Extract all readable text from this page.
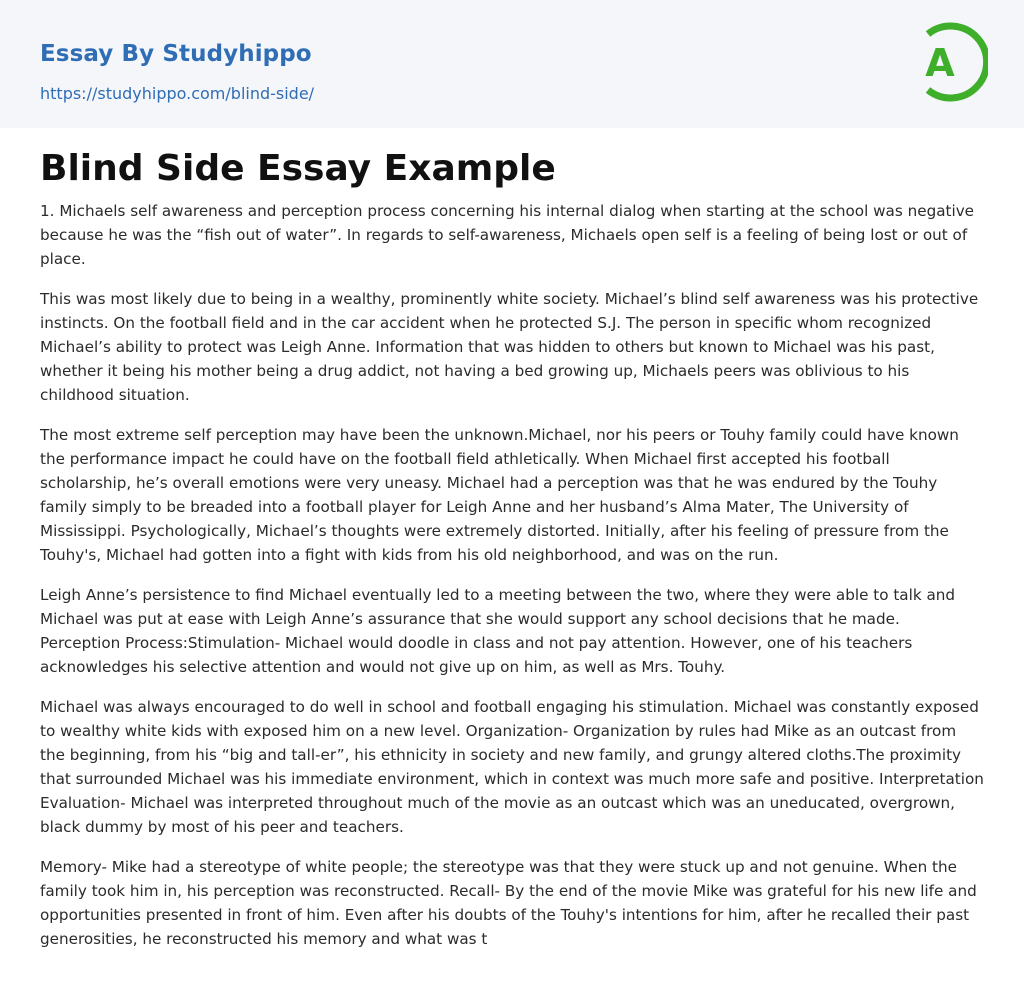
Essay By Studyhippo
https://studyhippo.com/blind-side/
A
Blind Side Essay Example

1. Michaels self awareness and perception process concerning his internal dialog when starting at the school was negative because he was the “fish out of water”. In regards to self-awareness, Michaels open self is a feeling of being lost or out of place.

This was most likely due to being in a wealthy, prominently white society. Michael’s blind self awareness was his protective instincts. On the football field and in the car accident when he protected S.J. The person in specific whom recognized Michael’s ability to protect was Leigh Anne. Information that was hidden to others but known to Michael was his past, whether it being his mother being a drug addict, not having a bed growing up, Michaels peers was oblivious to his childhood situation.

The most extreme self perception may have been the unknown.Michael, nor his peers or Touhy family could have known the performance impact he could have on the football field athletically. When Michael first accepted his football scholarship, he’s overall emotions were very uneasy. Michael had a perception was that he was endured by the Touhy family simply to be breaded into a football player for Leigh Anne and her husband’s Alma Mater, The University of Mississippi. Psychologically, Michael’s thoughts were extremely distorted. Initially, after his feeling of pressure from the Touhy's, Michael had gotten into a fight with kids from his old neighborhood, and was on the run.

Leigh Anne’s persistence to find Michael eventually led to a meeting between the two, where they were able to talk and Michael was put at ease with Leigh Anne’s assurance that she would support any school decisions that he made. Perception Process:Stimulation- Michael would doodle in class and not pay attention. However, one of his teachers acknowledges his selective attention and would not give up on him, as well as Mrs. Touhy.

Michael was always encouraged to do well in school and football engaging his stimulation. Michael was constantly exposed to wealthy white kids with exposed him on a new level. Organization- Organization by rules had Mike as an outcast from the beginning, from his “big and tall-er”, his ethnicity in society and new family, and grungy altered cloths.The proximity that surrounded Michael was his immediate environment, which in context was much more safe and positive. Interpretation Evaluation- Michael was interpreted throughout much of the movie as an outcast which was an uneducated, overgrown, black dummy by most of his peer and teachers.

Memory- Mike had a stereotype of white people; the stereotype was that they were stuck up and not genuine. When the family took him in, his perception was reconstructed. Recall- By the end of the movie Mike was grateful for his new life and opportunities presented in front of him. Even after his doubts of the Touhy's intentions for him, after he recalled their past generosities, he reconstructed his memory and what was t
